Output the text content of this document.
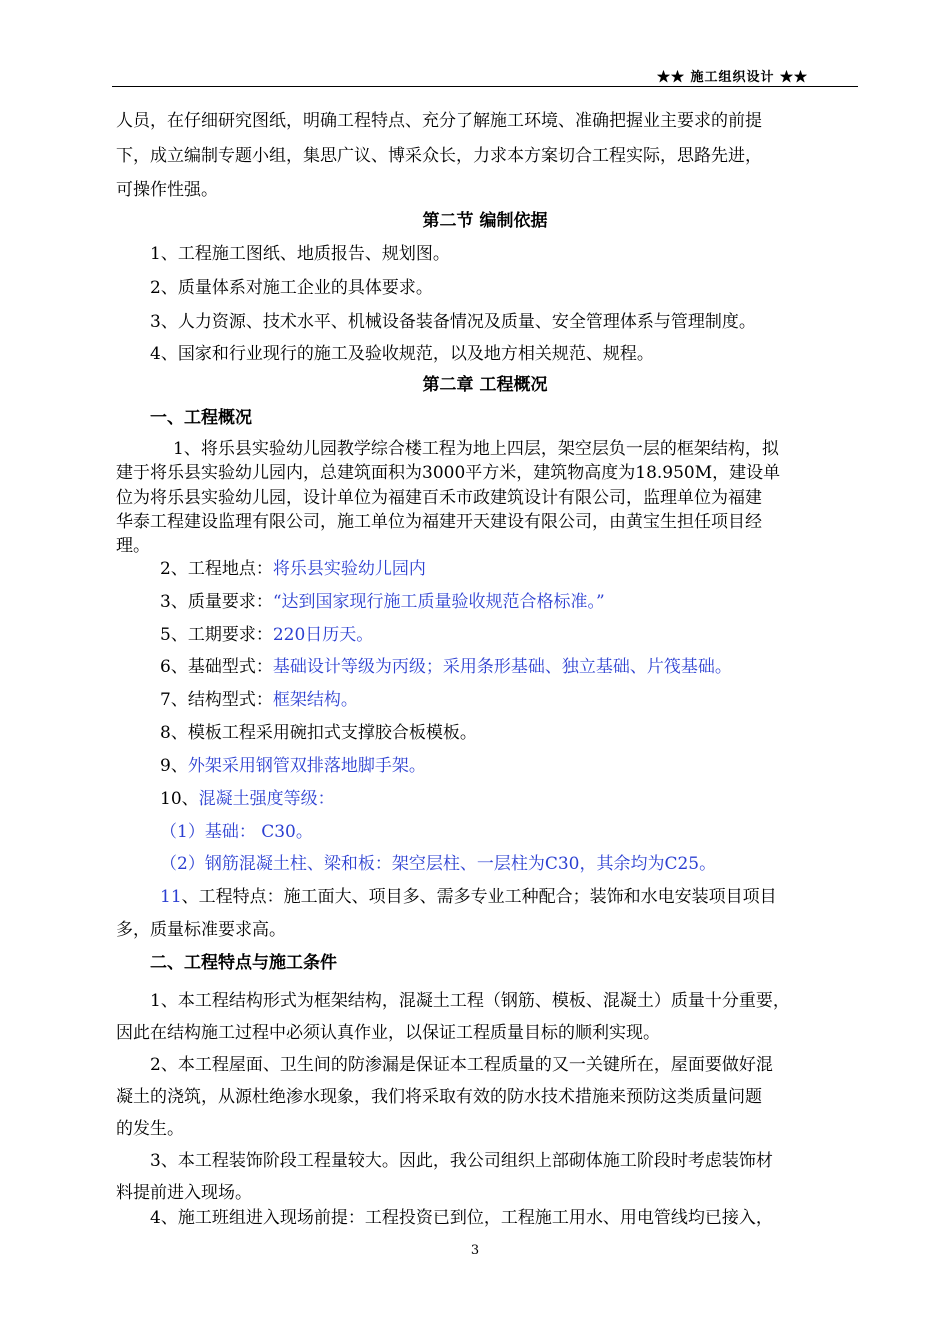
★★ 施工组织设计 ★★
人员，在仔细研究图纸，明确工程特点、充分了解施工环境、准确把握业主要求的前提
下，成立编制专题小组，集思广议、博采众长，力求本方案切合工程实际，思路先进，
可操作性强。
第二节 编制依据
1、工程施工图纸、地质报告、规划图。
2、质量体系对施工企业的具体要求。
3、人力资源、技术水平、机械设备装备情况及质量、安全管理体系与管理制度。
4、国家和行业现行的施工及验收规范，以及地方相关规范、规程。
第二章 工程概况
一、工程概况
1、将乐县实验幼儿园教学综合楼工程为地上四层，架空层负一层的框架结构，拟
建于将乐县实验幼儿园内，总建筑面积为3000平方米，建筑物高度为18.950M，建设单
位为将乐县实验幼儿园，设计单位为福建百禾市政建筑设计有限公司，监理单位为福建
华泰工程建设监理有限公司，施工单位为福建开天建设有限公司，由黄宝生担任项目经
理。
2、工程地点：将乐县实验幼儿园内
3、质量要求：“达到国家现行施工质量验收规范合格标准。”
5、工期要求：220日历天。
6、基础型式：基础设计等级为丙级；采用条形基础、独立基础、片筏基础。
7、结构型式：框架结构。
8、模板工程采用碗扣式支撑胶合板模板。
9、外架采用钢管双排落地脚手架。
10、混凝土强度等级：
（1）基础： C30。
（2）钢筋混凝土柱、梁和板：架空层柱、一层柱为C30，其余均为C25。
11、工程特点：施工面大、项目多、需多专业工种配合；装饰和水电安装项目项目
多，质量标准要求高。
二、工程特点与施工条件
1、本工程结构形式为框架结构，混凝土工程（钢筋、模板、混凝土）质量十分重要，
因此在结构施工过程中必须认真作业，以保证工程质量目标的顺利实现。
2、本工程屋面、卫生间的防渗漏是保证本工程质量的又一关键所在，屋面要做好混
凝土的浇筑，从源杜绝渗水现象，我们将采取有效的防水技术措施来预防这类质量问题
的发生。
3、本工程装饰阶段工程量较大。因此，我公司组织上部砌体施工阶段时考虑装饰材
料提前进入现场。
4、施工班组进入现场前提：工程投资已到位，工程施工用水、用电管线均已接入，
3
